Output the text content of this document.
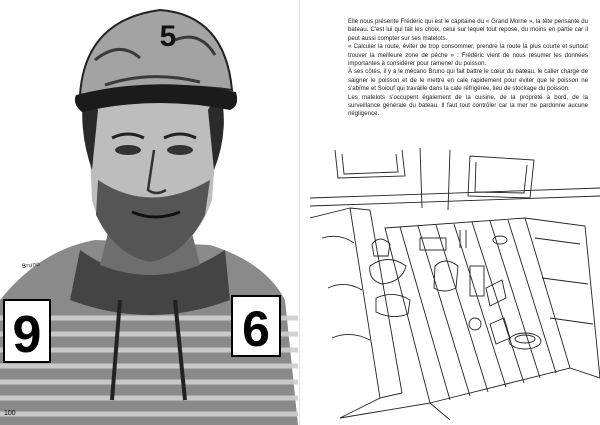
9	6
5
Bruno
100

Elle nous présente Frédéric qui est le capitaine du « Grand Morne », la tête pensante du bateau. C'est lui qui fait les choix, celui sur lequel tout repose, du moins en partie car il peut aussi compter sur ses matelots.

« Calculer la route, éviter de trop consommer, prendre la route la plus courte et surtout trouver la meilleure zone de pêche » : Frédéric vient de nous résumer les données importantes à considérer pour ramener du poisson.

À ses côtés, il y a le mécano Bruno qui fait battre le cœur du bateau, le calier chargé de saigner le poisson et de le mettre en cale rapidement pour éviter que le poisson ne s'abîme et Soiouf qui travaille dans la cale réfrigérée, lieu de stockage du poisson.

Les matelots s'occupent également de la cuisine, de la propreté à bord, de la surveillance générale du bateau. Il faut tout contrôler car la mer ne pardonne aucune négligence.
